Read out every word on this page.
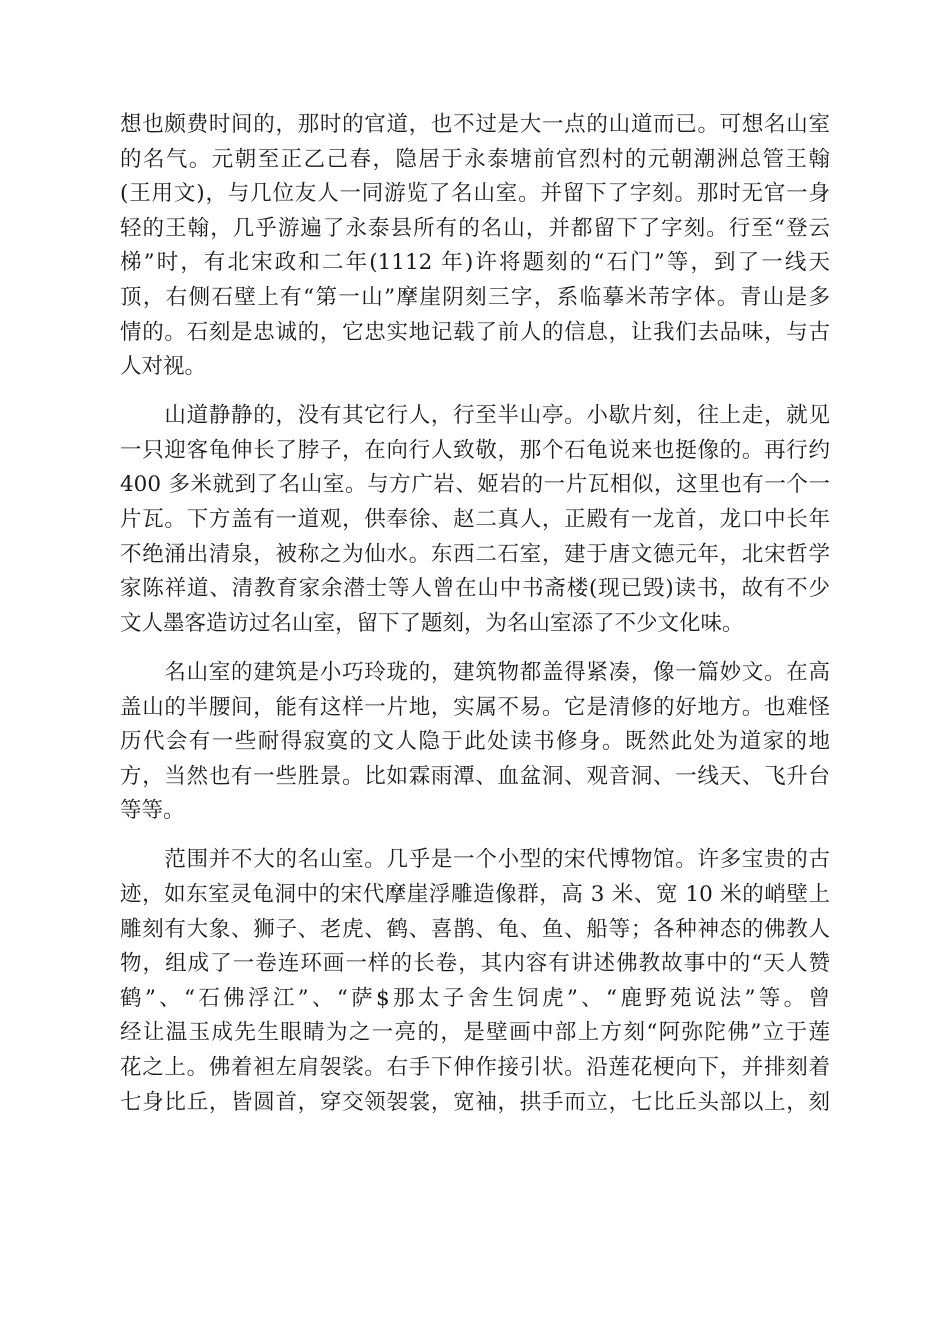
想也颇费时间的，那时的官道，也不过是大一点的山道而已。可想名山室
的名气。元朝至正乙己春，隐居于永泰塘前官烈村的元朝潮洲总管王翰
(王用文)，与几位友人一同游览了名山室。并留下了字刻。那时无官一身
轻的王翰，几乎游遍了永泰县所有的名山，并都留下了字刻。行至“登云
梯”时，有北宋政和二年(1112 年)许将题刻的“石门”等，到了一线天
顶，右侧石壁上有“第一山”摩崖阴刻三字，系临摹米芾字体。青山是多
情的。石刻是忠诚的，它忠实地记载了前人的信息，让我们去品味，与古
人对视。

　　山道静静的，没有其它行人，行至半山亭。小歇片刻，往上走，就见
一只迎客龟伸长了脖子，在向行人致敬，那个石龟说来也挺像的。再行约
400 多米就到了名山室。与方广岩、姬岩的一片瓦相似，这里也有一个一
片瓦。下方盖有一道观，供奉徐、赵二真人，正殿有一龙首，龙口中长年
不绝涌出清泉，被称之为仙水。东西二石室，建于唐文德元年，北宋哲学
家陈祥道、清教育家余潜士等人曾在山中书斋楼(现已毁)读书，故有不少
文人墨客造访过名山室，留下了题刻，为名山室添了不少文化味。

　　名山室的建筑是小巧玲珑的，建筑物都盖得紧凑，像一篇妙文。在高
盖山的半腰间，能有这样一片地，实属不易。它是清修的好地方。也难怪
历代会有一些耐得寂寞的文人隐于此处读书修身。既然此处为道家的地
方，当然也有一些胜景。比如霖雨潭、血盆洞、观音洞、一线天、飞升台
等等。

　　范围并不大的名山室。几乎是一个小型的宋代博物馆。许多宝贵的古
迹，如东室灵龟洞中的宋代摩崖浮雕造像群，高 3 米、宽 10 米的峭壁上
雕刻有大象、狮子、老虎、鹤、喜鹊、龟、鱼、船等；各种神态的佛教人
物，组成了一卷连环画一样的长卷，其内容有讲述佛教故事中的“天人赞
鹤”、“石佛浮江”、“萨$那太子舍生饲虎”、“鹿野苑说法”等。曾
经让温玉成先生眼睛为之一亮的，是壁画中部上方刻“阿弥陀佛”立于莲
花之上。佛着袒左肩袈裟。右手下伸作接引状。沿莲花梗向下，并排刻着
七身比丘，皆圆首，穿交领袈裳，宽袖，拱手而立，七比丘头部以上，刻
